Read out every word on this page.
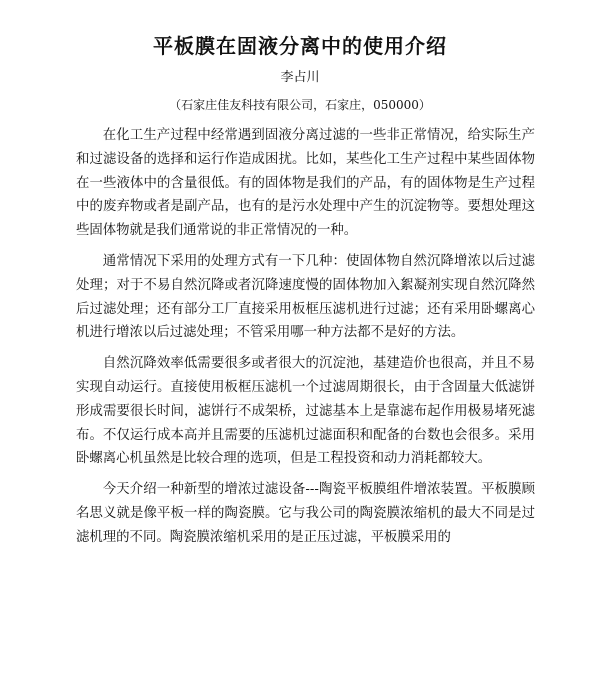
平板膜在固液分离中的使用介绍

李占川

（石家庄佳友科技有限公司，石家庄，050000）

在化工生产过程中经常遇到固液分离过滤的一些非正常情况，给实际生产和过滤设备的选择和运行作造成困扰。比如，某些化工生产过程中某些固体物在一些液体中的含量很低。有的固体物是我们的产品，有的固体物是生产过程中的废弃物或者是副产品，也有的是污水处理中产生的沉淀物等。要想处理这些固体物就是我们通常说的非正常情况的一种。

通常情况下采用的处理方式有一下几种：使固体物自然沉降增浓以后过滤处理；对于不易自然沉降或者沉降速度慢的固体物加入絮凝剂实现自然沉降然后过滤处理；还有部分工厂直接采用板框压滤机进行过滤；还有采用卧螺离心机进行增浓以后过滤处理；不管采用哪一种方法都不是好的方法。

自然沉降效率低需要很多或者很大的沉淀池，基建造价也很高，并且不易实现自动运行。直接使用板框压滤机一个过滤周期很长，由于含固量大低滤饼形成需要很长时间，滤饼行不成架桥，过滤基本上是靠滤布起作用极易堵死滤布。不仅运行成本高并且需要的压滤机过滤面积和配备的台数也会很多。采用卧螺离心机虽然是比较合理的选项，但是工程投资和动力消耗都较大。

今天介绍一种新型的增浓过滤设备---陶瓷平板膜组件增浓装置。平板膜顾名思义就是像平板一样的陶瓷膜。它与我公司的陶瓷膜浓缩机的最大不同是过滤机理的不同。陶瓷膜浓缩机采用的是正压过滤，平板膜采用的
